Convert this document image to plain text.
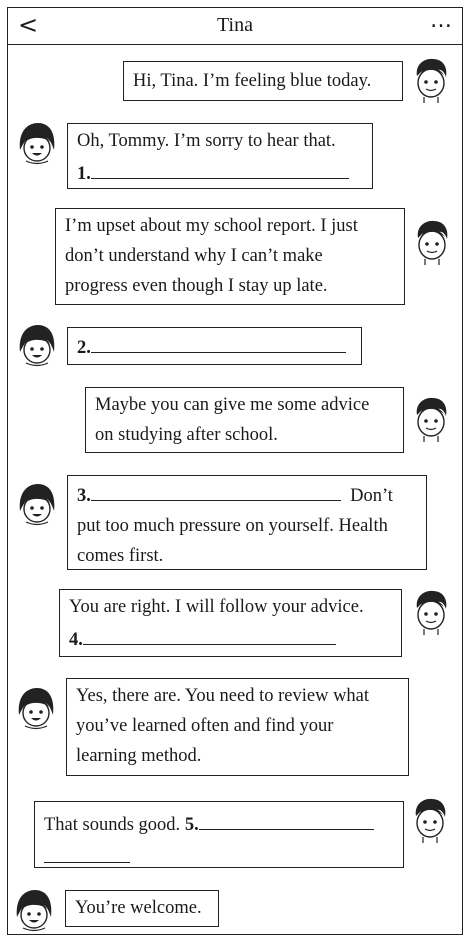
<	Tina	…
Hi, Tina. I’m feeling blue today.
Oh, Tommy. I’m sorry to hear that.
1.
I’m upset about my school report. I just
don’t understand why I can’t make
progress even though I stay up late.
2.
Maybe you can give me some advice
on studying after school.
3.	Don’t
put too much pressure on yourself. Health
comes first.
You are right. I will follow your advice.
4.
Yes, there are. You need to review what
you’ve learned often and find your
learning method.
That sounds good. 5.
You’re welcome.
